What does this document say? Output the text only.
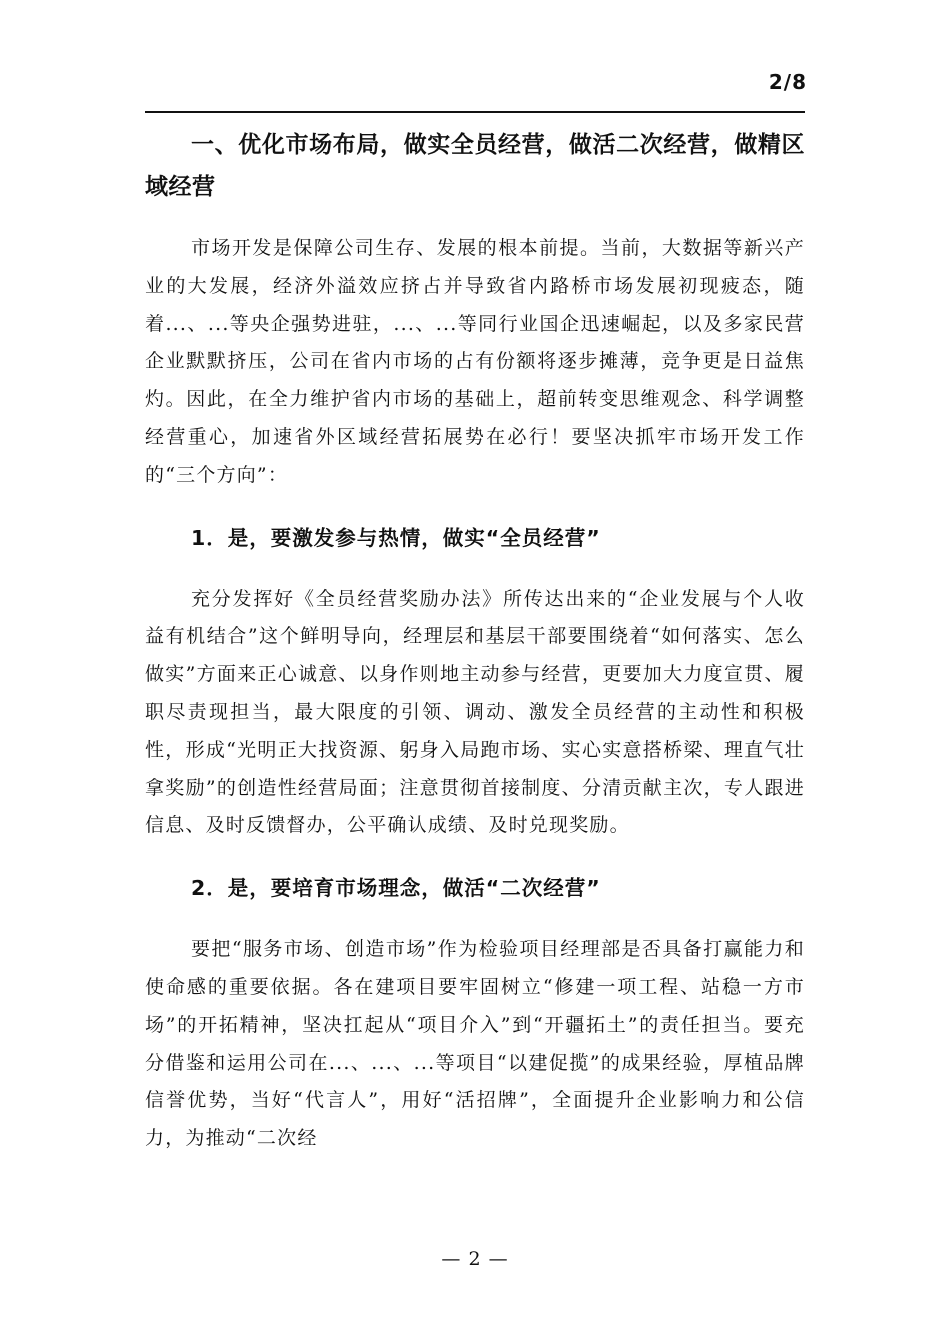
2/8
一、优化市场布局，做实全员经营，做活二次经营，做精区域经营

市场开发是保障公司生存、发展的根本前提。当前，大数据等新兴产业的大发展，经济外溢效应挤占并导致省内路桥市场发展初现疲态，随着...、...等央企强势进驻，...、...等同行业国企迅速崛起，以及多家民营企业默默挤压，公司在省内市场的占有份额将逐步摊薄，竞争更是日益焦灼。因此，在全力维护省内市场的基础上，超前转变思维观念、科学调整经营重心，加速省外区域经营拓展势在必行！要坚决抓牢市场开发工作的“三个方向”：

1．是，要激发参与热情，做实“全员经营”

充分发挥好《全员经营奖励办法》所传达出来的“企业发展与个人收益有机结合”这个鲜明导向，经理层和基层干部要围绕着“如何落实、怎么做实”方面来正心诚意、以身作则地主动参与经营，更要加大力度宣贯、履职尽责现担当，最大限度的引领、调动、激发全员经营的主动性和积极性，形成“光明正大找资源、躬身入局跑市场、实心实意搭桥梁、理直气壮拿奖励”的创造性经营局面；注意贯彻首接制度、分清贡献主次，专人跟进信息、及时反馈督办，公平确认成绩、及时兑现奖励。

2．是，要培育市场理念，做活“二次经营”

要把“服务市场、创造市场”作为检验项目经理部是否具备打赢能力和使命感的重要依据。各在建项目要牢固树立“修建一项工程、站稳一方市场”的开拓精神，坚决扛起从“项目介入”到“开疆拓土”的责任担当。要充分借鉴和运用公司在...、...、...等项目“以建促揽”的成果经验，厚植品牌信誉优势，当好“代言人”，用好“活招牌”，全面提升企业影响力和公信力，为推动“二次经

— 2 —
